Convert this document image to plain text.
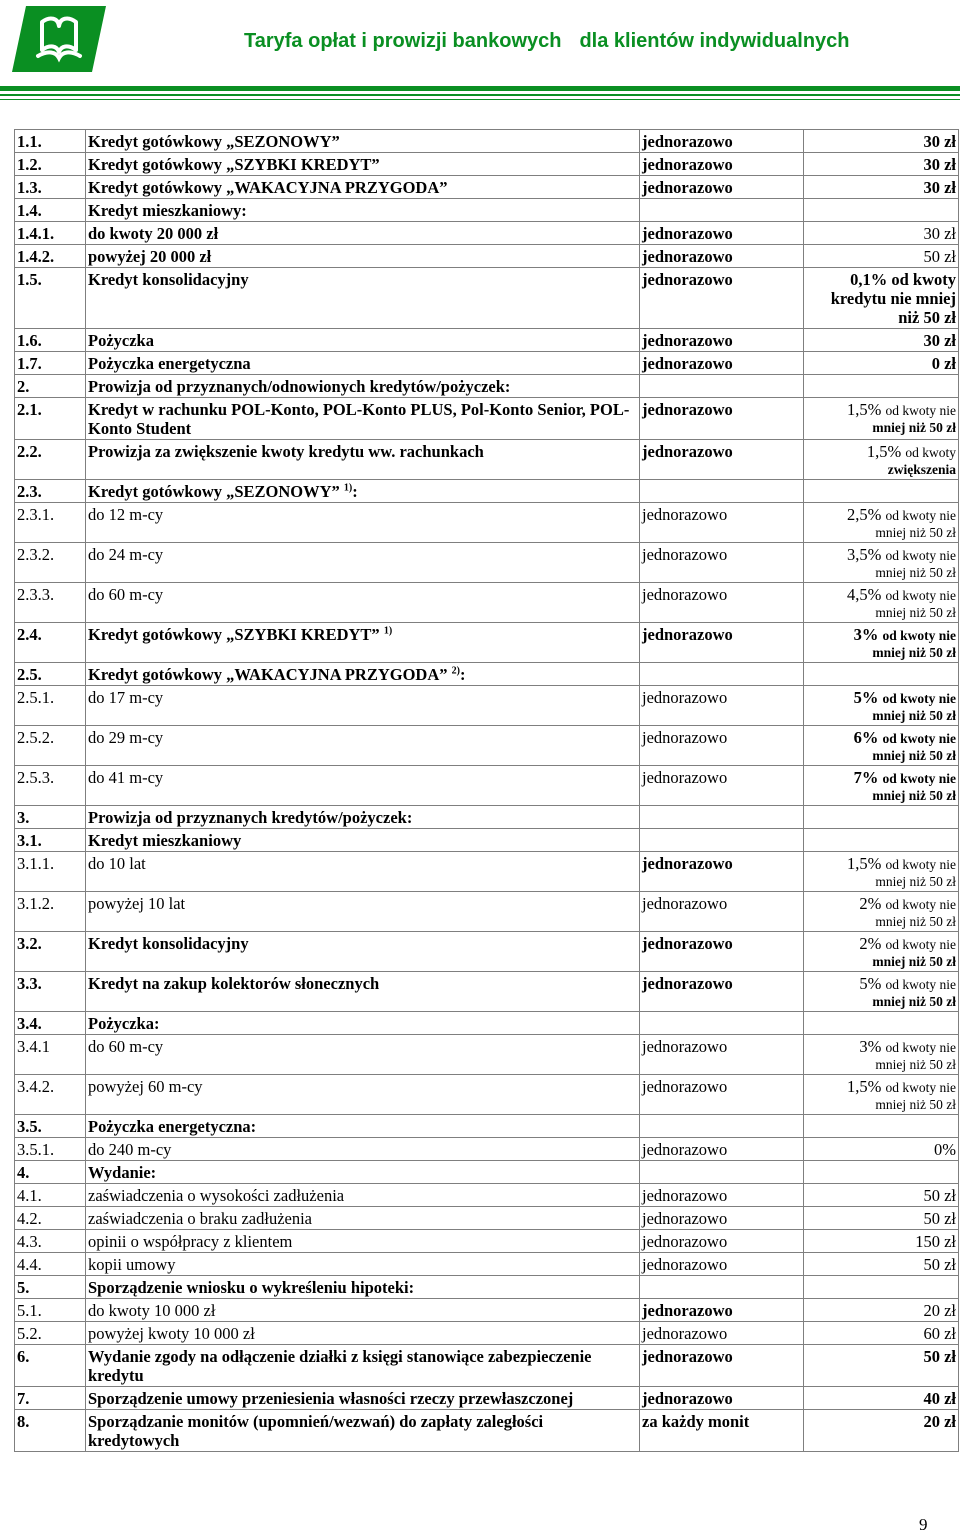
Taryfa opłat i prowizji bankowych dla klientów indywidualnych
1.1.	Kredyt gotówkowy „SEZONOWY”	jednorazowo	30 zł
1.2.	Kredyt gotówkowy „SZYBKI KREDYT”	jednorazowo	30 zł
1.3.	Kredyt gotówkowy „WAKACYJNA PRZYGODA”	jednorazowo	30 zł
1.4.	Kredyt mieszkaniowy:		
1.4.1.	do kwoty 20 000 zł	jednorazowo	30 zł
1.4.2.	powyżej 20 000 zł	jednorazowo	50 zł
1.5.	Kredyt konsolidacyjny	jednorazowo	0,1% od kwoty kredytu nie mniej niż 50 zł
1.6.	Pożyczka	jednorazowo	30 zł
1.7.	Pożyczka energetyczna	jednorazowo	0 zł
2.	Prowizja od przyznanych/odnowionych kredytów/pożyczek:		
2.1.	Kredyt w rachunku POL-Konto, POL-Konto PLUS, Pol-Konto Senior, POL-Konto Student	jednorazowo	1,5% od kwoty nie
mniej niż 50 zł

2.2.	Prowizja za zwiększenie kwoty kredytu ww. rachunkach	jednorazowo	1,5% od kwoty
zwiększenia

2.3.	Kredyt gotówkowy „SEZONOWY” $^{1)}$:		
2.3.1.	do 12 m-cy	jednorazowo	2,5% od kwoty nie
mniej niż 50 zł

2.3.2.	do 24 m-cy	jednorazowo	3,5% od kwoty nie
mniej niż 50 zł

2.3.3.	do 60 m-cy	jednorazowo	4,5% od kwoty nie
mniej niż 50 zł

2.4.	Kredyt gotówkowy „SZYBKI KREDYT” $^{1)}$	jednorazowo	3% od kwoty nie
mniej niż 50 zł

2.5.	Kredyt gotówkowy „WAKACYJNA PRZYGODA” $^{2)}$:		
2.5.1.	do 17 m-cy	jednorazowo	5% od kwoty nie
mniej niż 50 zł

2.5.2.	do 29 m-cy	jednorazowo	6% od kwoty nie
mniej niż 50 zł

2.5.3.	do 41 m-cy	jednorazowo	7% od kwoty nie
mniej niż 50 zł

3.	Prowizja od przyznanych kredytów/pożyczek:		
3.1.	Kredyt mieszkaniowy		
3.1.1.	do 10 lat	jednorazowo	1,5% od kwoty nie
mniej niż 50 zł

3.1.2.	powyżej 10 lat	jednorazowo	2% od kwoty nie
mniej niż 50 zł

3.2.	Kredyt konsolidacyjny	jednorazowo	2% od kwoty nie
mniej niż 50 zł

3.3.	Kredyt na zakup kolektorów słonecznych	jednorazowo	5% od kwoty nie
mniej niż 50 zł

3.4.	Pożyczka:		
3.4.1	do 60 m-cy	jednorazowo	3% od kwoty nie
mniej niż 50 zł

3.4.2.	powyżej 60 m-cy	jednorazowo	1,5% od kwoty nie
mniej niż 50 zł

3.5.	Pożyczka energetyczna:		
3.5.1.	do 240 m-cy	jednorazowo	0%
4.	Wydanie:		
4.1.	zaświadczenia o wysokości zadłużenia	jednorazowo	50 zł
4.2.	zaświadczenia o braku zadłużenia	jednorazowo	50 zł
4.3.	opinii o współpracy z klientem	jednorazowo	150 zł
4.4.	kopii umowy	jednorazowo	50 zł
5.	Sporządzenie wniosku o wykreśleniu hipoteki:		
5.1.	do kwoty 10 000 zł	jednorazowo	20 zł
5.2.	powyżej kwoty 10 000 zł	jednorazowo	60 zł
6.	Wydanie zgody na odłączenie działki z księgi stanowiące zabezpieczenie kredytu	jednorazowo	50 zł
7.	Sporządzenie umowy przeniesienia własności rzeczy przewłaszczonej	jednorazowo	40 zł
8.	Sporządzanie monitów (upomnień/wezwań) do zapłaty zaległości kredytowych	za każdy monit	20 zł
9
